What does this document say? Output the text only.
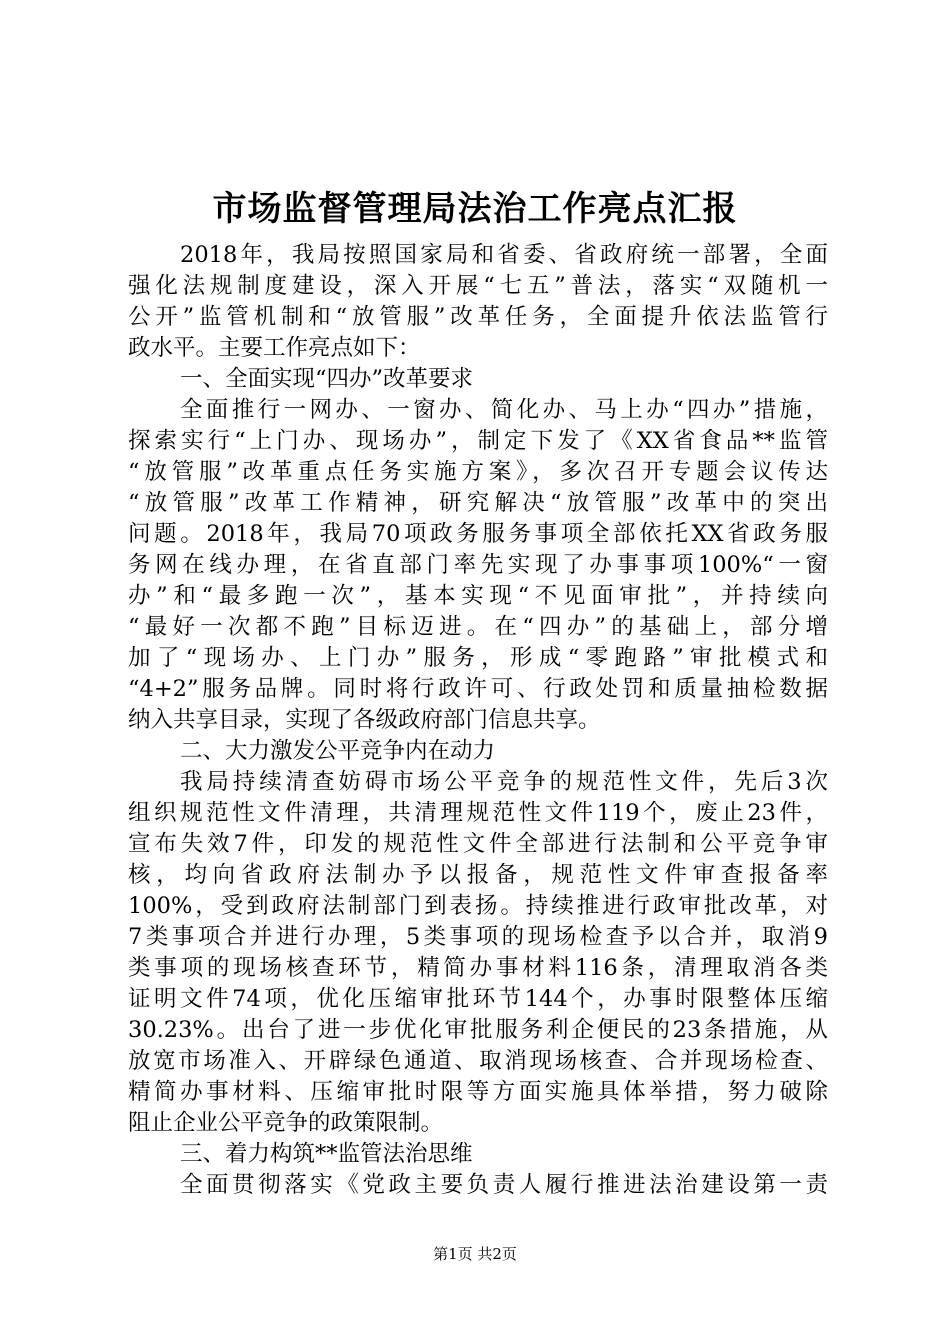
市场监督管理局法治工作亮点汇报
2018年，我局按照国家局和省委、省政府统一部署，全面
强化法规制度建设，深入开展“七五”普法，落实“双随机一
公开”监管机制和“放管服”改革任务，全面提升依法监管行
政水平。主要工作亮点如下：
一、全面实现“四办”改革要求
全面推行一网办、一窗办、简化办、马上办“四办”措施，
探索实行“上门办、现场办”，制定下发了《XX省食品**监管
“放管服”改革重点任务实施方案》，多次召开专题会议传达
“放管服”改革工作精神，研究解决“放管服”改革中的突出
问题。2018年，我局70项政务服务事项全部依托XX省政务服
务网在线办理，在省直部门率先实现了办事事项100%“一窗
办”和“最多跑一次”，基本实现“不见面审批”，并持续向
“最好一次都不跑”目标迈进。在“四办”的基础上，部分增
加了“现场办、上门办”服务，形成“零跑路”审批模式和
“4+2”服务品牌。同时将行政许可、行政处罚和质量抽检数据
纳入共享目录，实现了各级政府部门信息共享。
二、大力激发公平竞争内在动力
我局持续清查妨碍市场公平竞争的规范性文件，先后3次
组织规范性文件清理，共清理规范性文件119个，废止23件，
宣布失效7件，印发的规范性文件全部进行法制和公平竞争审
核，均向省政府法制办予以报备，规范性文件审查报备率
100%，受到政府法制部门到表扬。持续推进行政审批改革，对
7类事项合并进行办理，5类事项的现场检查予以合并，取消9
类事项的现场核查环节，精简办事材料116条，清理取消各类
证明文件74项，优化压缩审批环节144个，办事时限整体压缩
30.23%。出台了进一步优化审批服务利企便民的23条措施，从
放宽市场准入、开辟绿色通道、取消现场核查、合并现场检查、
精简办事材料、压缩审批时限等方面实施具体举措，努力破除
阻止企业公平竞争的政策限制。
三、着力构筑**监管法治思维
全面贯彻落实《党政主要负责人履行推进法治建设第一责
第1页 共2页
